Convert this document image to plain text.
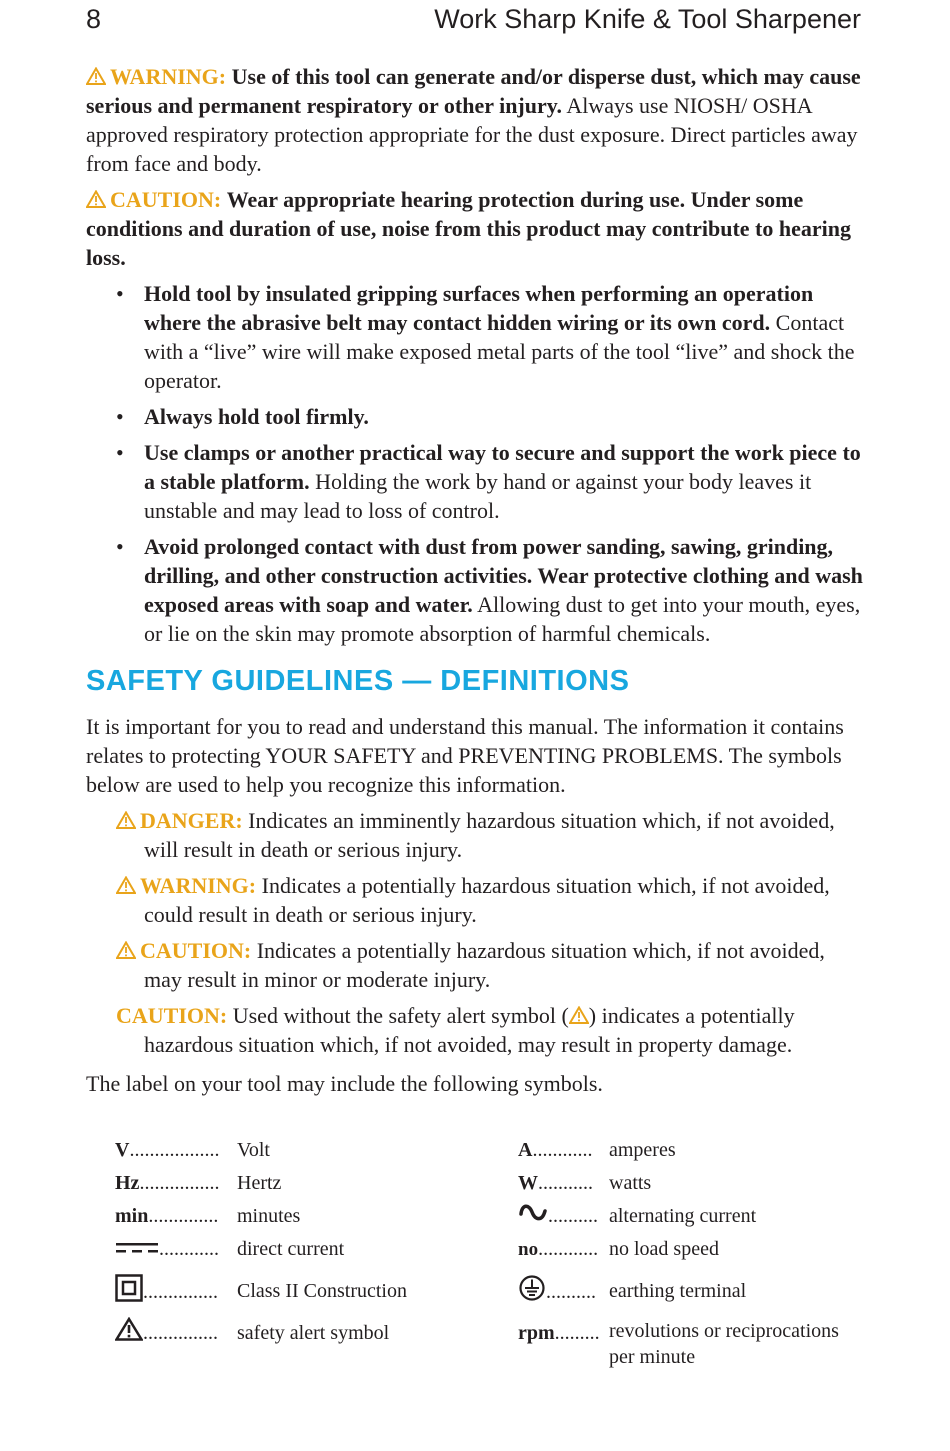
8	Work Sharp Knife & Tool Sharpener

WARNING: Use of this tool can generate and/or disperse dust, which may cause serious and permanent respiratory or other injury. Always use NIOSH/ OSHA approved respiratory protection appropriate for the dust exposure. Direct particles away from face and body.

CAUTION: Wear appropriate hearing protection during use. Under some conditions and duration of use, noise from this product may contribute to hearing loss.

• Hold tool by insulated gripping surfaces when performing an operation where the abrasive belt may contact hidden wiring or its own cord. Contact with a “live” wire will make exposed metal parts of the tool “live” and shock the operator.
• Always hold tool firmly.
• Use clamps or another practical way to secure and support the work piece to a stable platform. Holding the work by hand or against your body leaves it unstable and may lead to loss of control.
• Avoid prolonged contact with dust from power sanding, sawing, grinding, drilling, and other construction activities. Wear protective clothing and wash exposed areas with soap and water. Allowing dust to get into your mouth, eyes, or lie on the skin may promote absorption of harmful chemicals.
SAFETY GUIDELINES — DEFINITIONS

It is important for you to read and understand this manual. The information it contains relates to protecting YOUR SAFETY and PREVENTING PROBLEMS. The symbols below are used to help you recognize this information.

DANGER: Indicates an imminently hazardous situation which, if not avoided, will result in death or serious injury.

WARNING: Indicates a potentially hazardous situation which, if not avoided, could result in death or serious injury.

CAUTION: Indicates a potentially hazardous situation which, if not avoided, may result in minor or moderate injury.

CAUTION: Used without the safety alert symbol ( ) indicates a potentially hazardous situation which, if not avoided, may result in property damage.

The label on your tool may include the following symbols.

V.................. Volt
Hz................ Hertz
min.............. minutes
............ direct current
............... Class II Construction
............... safety alert symbol
A............ amperes
W........... watts
.......... alternating current
no............ no load speed
.......... earthing terminal
rpm......... revolutions or reciprocations per minute
